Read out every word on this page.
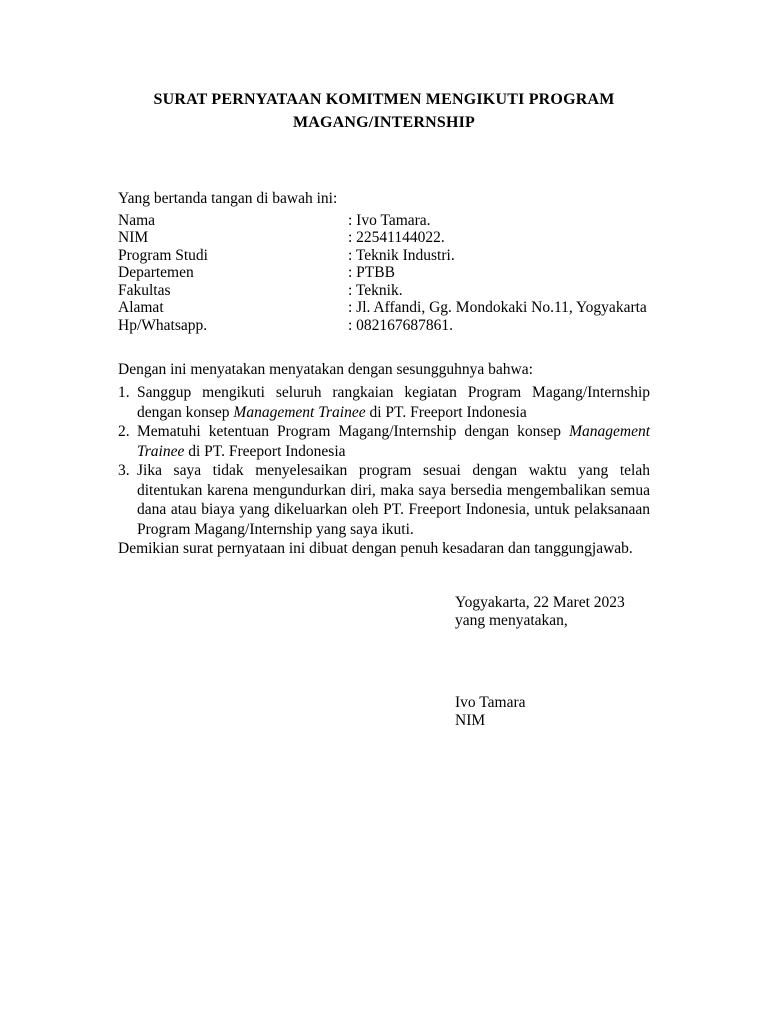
SURAT PERNYATAAN KOMITMEN MENGIKUTI PROGRAM
MAGANG/INTERNSHIP

Yang bertanda tangan di bawah ini:

Nama	: Ivo Tamara.
NIM	: 22541144022.
Program Studi	: Teknik Industri.
Departemen	: PTBB
Fakultas	: Teknik.
Alamat	: Jl. Affandi, Gg. Mondokaki No.11, Yogyakarta
Hp/Whatsapp.	: 082167687861.

Dengan ini menyatakan menyatakan dengan sesungguhnya bahwa:

1. Sanggup mengikuti seluruh rangkaian kegiatan Program Magang/Internship dengan konsep Management Trainee di PT. Freeport Indonesia

2. Mematuhi ketentuan Program Magang/Internship dengan konsep Management Trainee di PT. Freeport Indonesia

3. Jika saya tidak menyelesaikan program sesuai dengan waktu yang telah ditentukan karena mengundurkan diri, maka saya bersedia mengembalikan semua dana atau biaya yang dikeluarkan oleh PT. Freeport Indonesia, untuk pelaksanaan Program Magang/Internship yang saya ikuti.

Demikian surat pernyataan ini dibuat dengan penuh kesadaran dan tanggungjawab.

Yogyakarta, 22 Maret 2023
yang menyatakan,
Ivo Tamara
NIM
